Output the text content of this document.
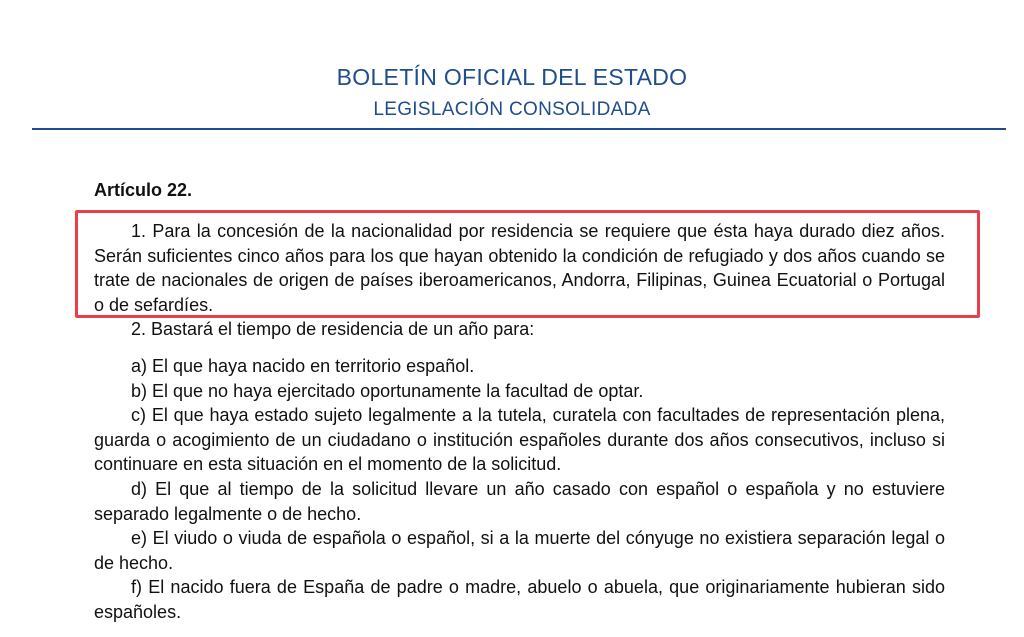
BOLETÍN OFICIAL DEL ESTADO
LEGISLACIÓN CONSOLIDADA
Artículo 22.
1. Para la concesión de la nacionalidad por residencia se requiere que ésta haya durado diez años. Serán suficientes cinco años para los que hayan obtenido la condición de refugiado y dos años cuando se trate de nacionales de origen de países iberoamericanos, Andorra, Filipinas, Guinea Ecuatorial o Portugal o de sefardíes.
2. Bastará el tiempo de residencia de un año para:
a) El que haya nacido en territorio español.
b) El que no haya ejercitado oportunamente la facultad de optar.
c) El que haya estado sujeto legalmente a la tutela, curatela con facultades de representación plena, guarda o acogimiento de un ciudadano o institución españoles durante dos años consecutivos, incluso si continuare en esta situación en el momento de la solicitud.
d) El que al tiempo de la solicitud llevare un año casado con español o española y no estuviere separado legalmente o de hecho.
e) El viudo o viuda de española o español, si a la muerte del cónyuge no existiera separación legal o de hecho.
f) El nacido fuera de España de padre o madre, abuelo o abuela, que originariamente hubieran sido españoles.
